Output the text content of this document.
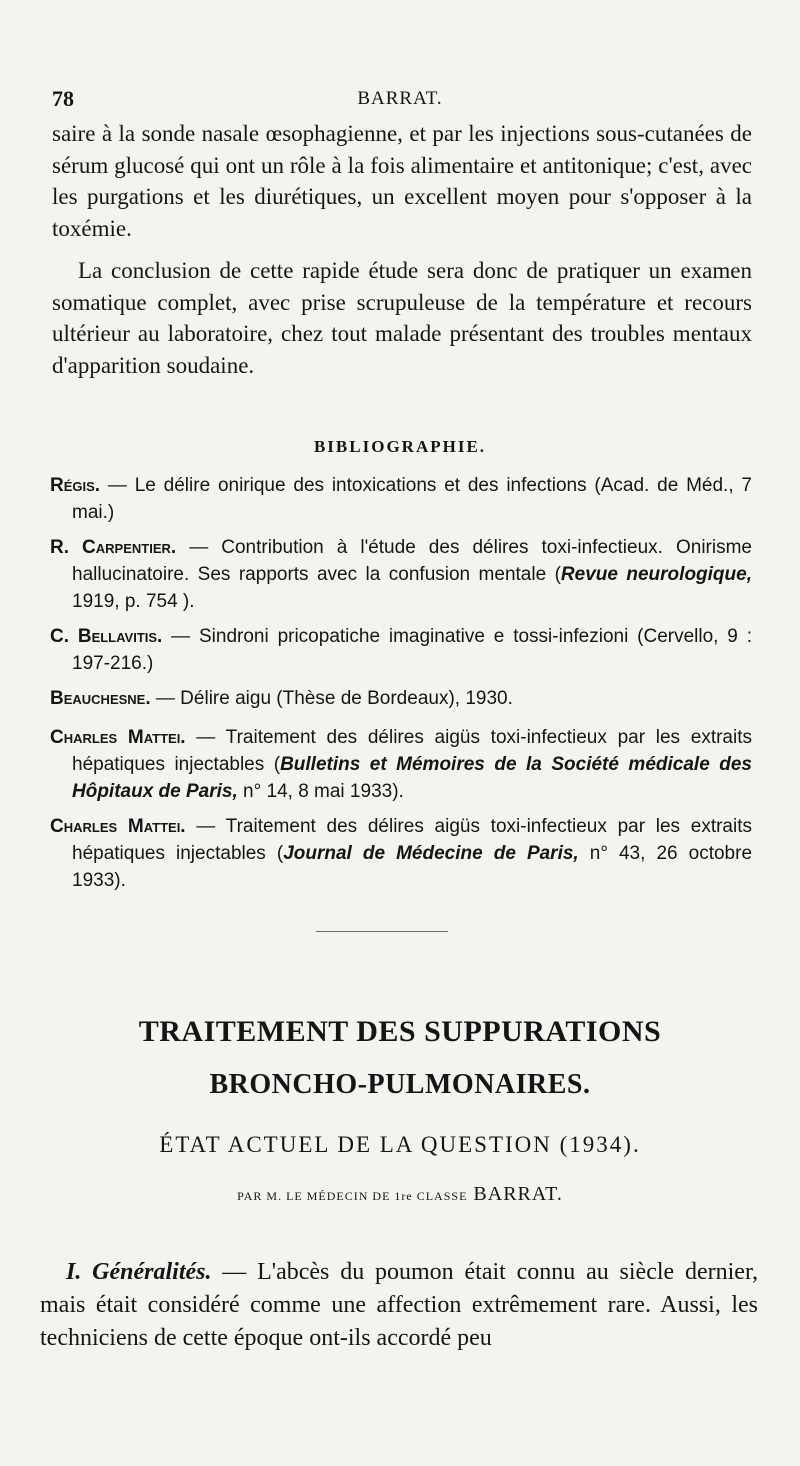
78	BARRAT.

saire à la sonde nasale œsophagienne, et par les injections sous-cutanées de sérum glucosé qui ont un rôle à la fois alimentaire et antitonique; c'est, avec les purgations et les diurétiques, un excellent moyen pour s'opposer à la toxémie.

La conclusion de cette rapide étude sera donc de pratiquer un examen somatique complet, avec prise scrupuleuse de la température et recours ultérieur au laboratoire, chez tout malade présentant des troubles mentaux d'apparition soudaine.

BIBLIOGRAPHIE.

Régis. — Le délire onirique des intoxications et des infections (Acad. de Méd., 7 mai.)

R. Carpentier. — Contribution à l'étude des délires toxi-infectieux. Onirisme hallucinatoire. Ses rapports avec la confusion mentale (Revue neurologique, 1919, p. 754 ).

C. Bellavitis. — Sindroni pricopatiche imaginative e tossi-infezioni (Cervello, 9 : 197-216.)

Beauchesne. — Délire aigu (Thèse de Bordeaux), 1930.

Charles Mattei. — Traitement des délires aigüs toxi-infectieux par les extraits hépatiques injectables (Bulletins et Mémoires de la Société médicale des Hôpitaux de Paris, n° 14, 8 mai 1933).

Charles Mattei. — Traitement des délires aigüs toxi-infectieux par les extraits hépatiques injectables (Journal de Médecine de Paris, n° 43, 26 octobre 1933).

TRAITEMENT DES SUPPURATIONS
BRONCHO-PULMONAIRES.
ÉTAT ACTUEL DE LA QUESTION (1934).
PAR M. LE MÉDECIN DE 1re CLASSE BARRAT.

I. Généralités. — L'abcès du poumon était connu au siècle dernier, mais était considéré comme une affection extrêmement rare. Aussi, les techniciens de cette époque ont-ils accordé peu
